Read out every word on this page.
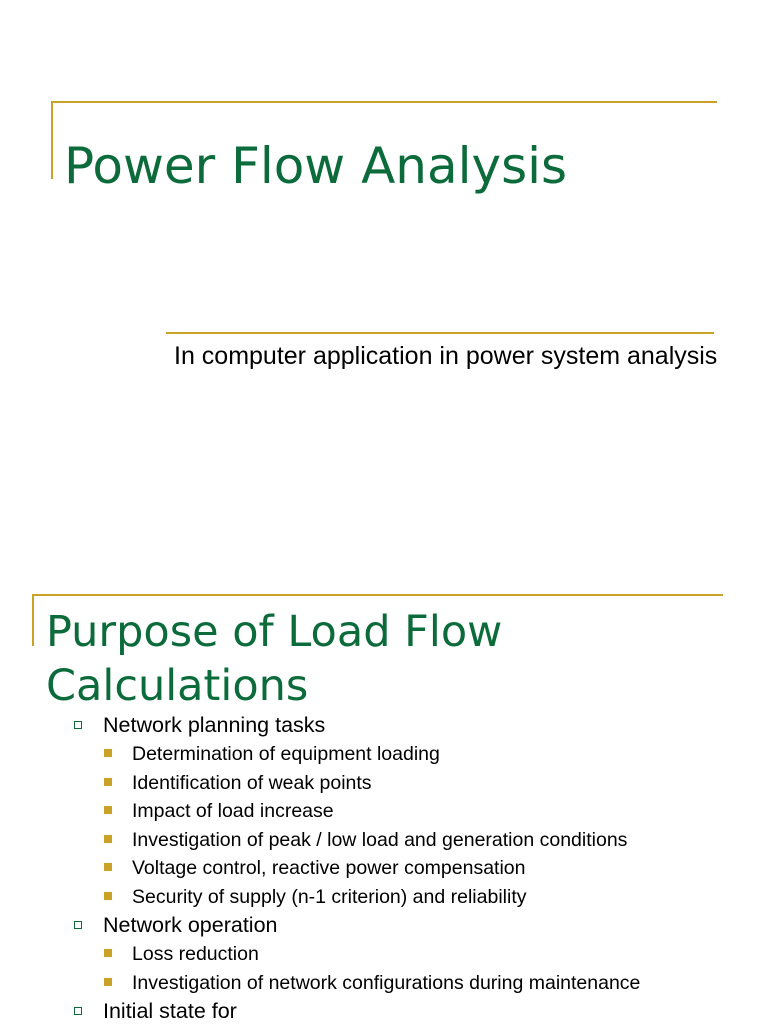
Power Flow Analysis
In computer application in power system analysis
Purpose of Load Flow Calculations
Network planning tasks
Determination of equipment loading
Identification of weak points
Impact of load increase
Investigation of peak / low load and generation conditions
Voltage control, reactive power compensation
Security of supply (n-1 criterion) and reliability
Network operation
Loss reduction
Investigation of network configurations during maintenance
Initial state for
